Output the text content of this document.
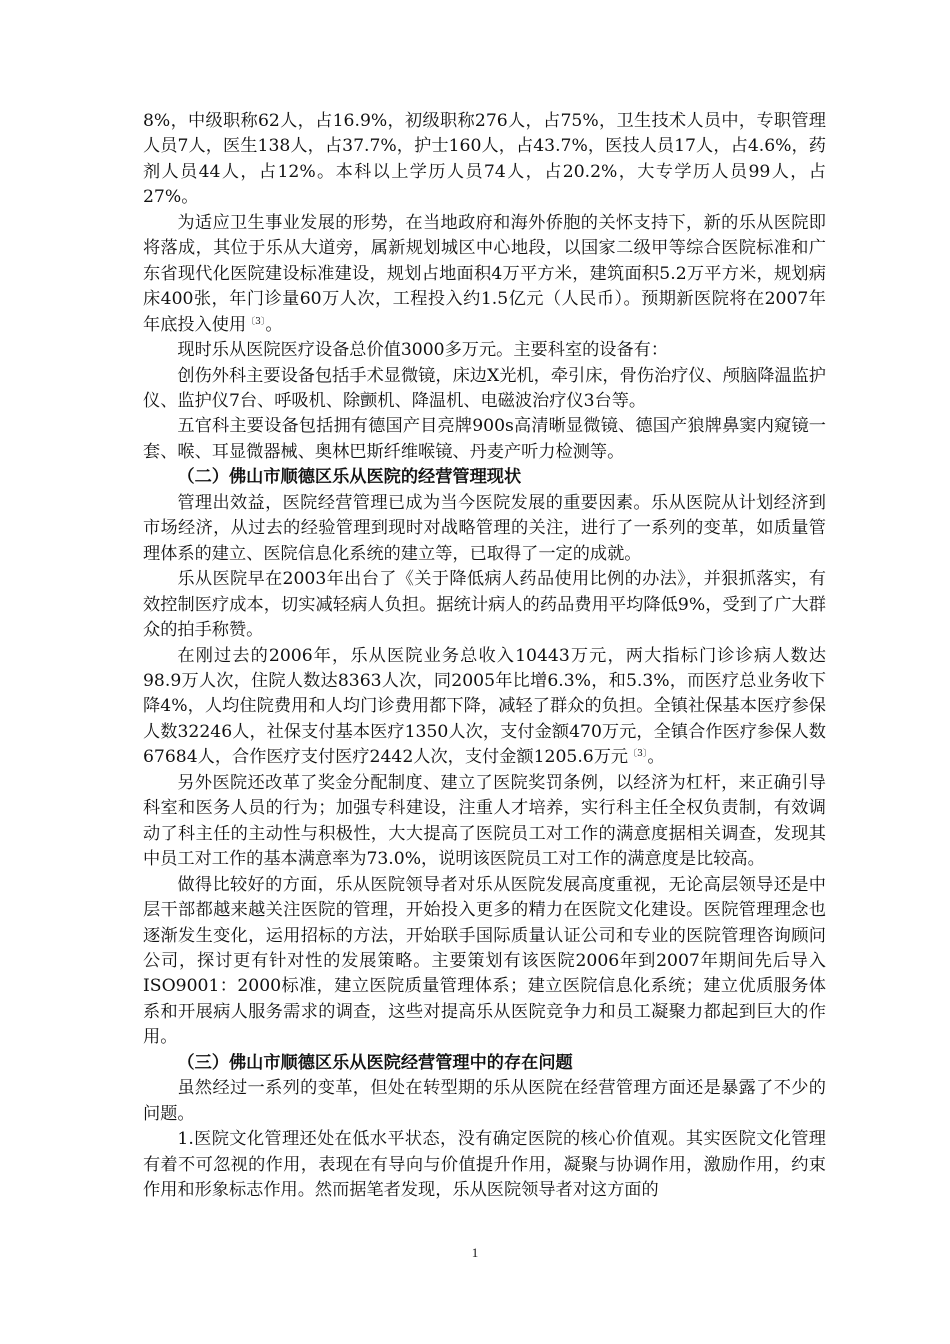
8%，中级职称62人，占16.9%，初级职称276人，占75%，卫生技术人员中，专职管理人员7人，医生138人，占37.7%，护士160人，占43.7%，医技人员17人，占4.6%，药剂人员44人，占12%。本科以上学历人员74人，占20.2%，大专学历人员99人，占27%。

为适应卫生事业发展的形势，在当地政府和海外侨胞的关怀支持下，新的乐从医院即将落成，其位于乐从大道旁，属新规划城区中心地段，以国家二级甲等综合医院标准和广东省现代化医院建设标准建设，规划占地面积4万平方米，建筑面积5.2万平方米，规划病床400张，年门诊量60万人次，工程投入约1.5亿元（人民币）。预期新医院将在2007年年底投入使用$^{〔3〕}$。

现时乐从医院医疗设备总价值3000多万元。主要科室的设备有：

创伤外科主要设备包括手术显微镜，床边X光机，牵引床，骨伤治疗仪、颅脑降温监护仪、监护仪7台、呼吸机、除颤机、降温机、电磁波治疗仪3台等。

五官科主要设备包括拥有德国产目亮牌900s高清晰显微镜、德国产狼牌鼻窦内窥镜一套、喉、耳显微器械、奥林巴斯纤维喉镜、丹麦产听力检测等。

（二）佛山市顺德区乐从医院的经营管理现状

管理出效益，医院经营管理已成为当今医院发展的重要因素。乐从医院从计划经济到市场经济，从过去的经验管理到现时对战略管理的关注，进行了一系列的变革，如质量管理体系的建立、医院信息化系统的建立等，已取得了一定的成就。

乐从医院早在2003年出台了《关于降低病人药品使用比例的办法》，并狠抓落实，有效控制医疗成本，切实减轻病人负担。据统计病人的药品费用平均降低9%，受到了广大群众的拍手称赞。

在刚过去的2006年，乐从医院业务总收入10443万元，两大指标门诊诊病人数达98.9万人次，住院人数达8363人次，同2005年比增6.3%，和5.3%，而医疗总业务收下降4%，人均住院费用和人均门诊费用都下降，减轻了群众的负担。全镇社保基本医疗参保人数32246人，社保支付基本医疗1350人次，支付金额470万元，全镇合作医疗参保人数67684人，合作医疗支付医疗2442人次，支付金额1205.6万元$^{〔3〕}$。

另外医院还改革了奖金分配制度、建立了医院奖罚条例，以经济为杠杆，来正确引导科室和医务人员的行为；加强专科建设，注重人才培养，实行科主任全权负责制，有效调动了科主任的主动性与积极性，大大提高了医院员工对工作的满意度据相关调查，发现其中员工对工作的基本满意率为73.0%，说明该医院员工对工作的满意度是比较高。

做得比较好的方面，乐从医院领导者对乐从医院发展高度重视，无论高层领导还是中层干部都越来越关注医院的管理，开始投入更多的精力在医院文化建设。医院管理理念也逐渐发生变化，运用招标的方法，开始联手国际质量认证公司和专业的医院管理咨询顾问公司，探讨更有针对性的发展策略。主要策划有该医院2006年到2007年期间先后导入ISO9001：2000标准，建立医院质量管理体系；建立医院信息化系统；建立优质服务体系和开展病人服务需求的调查，这些对提高乐从医院竞争力和员工凝聚力都起到巨大的作用。

（三）佛山市顺德区乐从医院经营管理中的存在问题

虽然经过一系列的变革，但处在转型期的乐从医院在经营管理方面还是暴露了不少的问题。

1.医院文化管理还处在低水平状态，没有确定医院的核心价值观。其实医院文化管理有着不可忽视的作用，表现在有导向与价值提升作用，凝聚与协调作用，激励作用，约束作用和形象标志作用。然而据笔者发现，乐从医院领导者对这方面的

1
